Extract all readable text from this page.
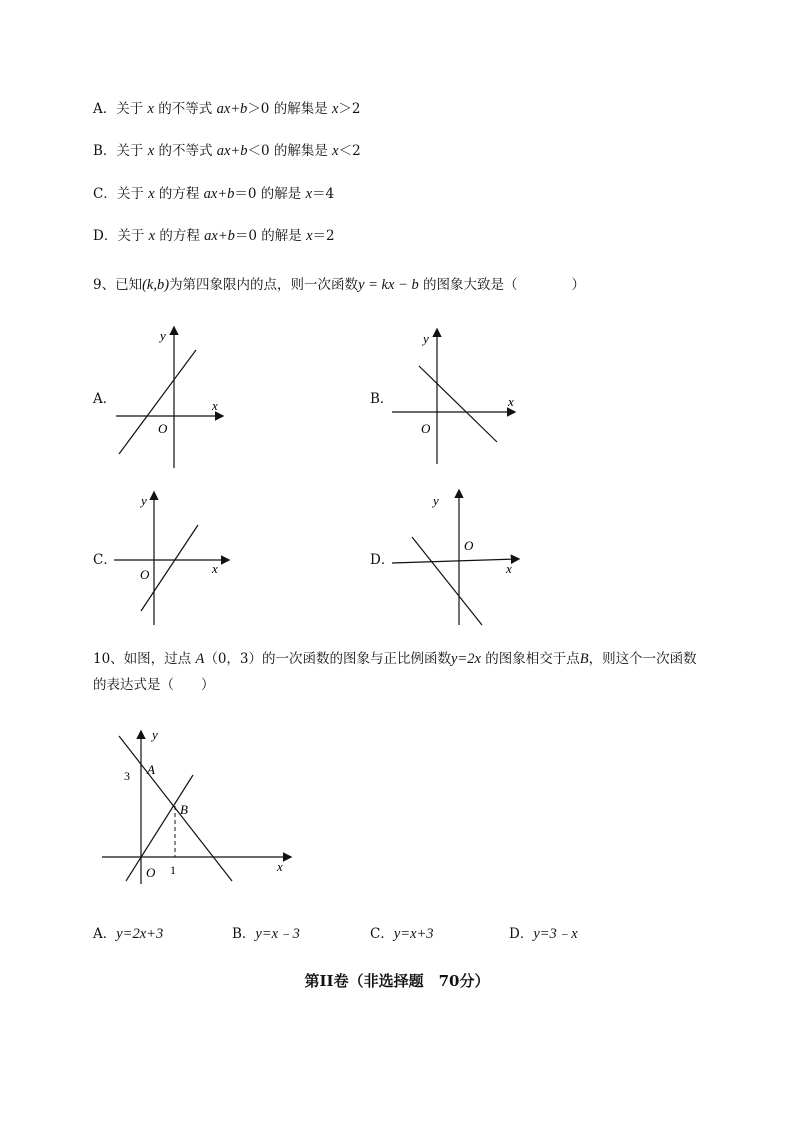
A．关于 x 的不等式 ax+b＞0 的解集是 x＞2
B．关于 x 的不等式 ax+b＜0 的解集是 x＜2
C．关于 x 的方程 ax+b＝0 的解是 x＝4
D．关于 x 的方程 ax+b＝0 的解是 x＝2
9、已知(k,b)为第四象限内的点，则一次函数y = kx − b 的图象大致是（　　　　）
A．
y
x
O
B．
y
x
O
C．
y
x
O
D．
y
x
O
10、如图，过点 A（0，3）的一次函数的图象与正比例函数y=2x 的图象相交于点B，则这个一次函数
的表达式是（　　）
y
x
3 A
B
1
O
A．y=2x+3	B．y=x﹣3	C．y=x+3	D．y=3﹣x
第II卷（非选择题　70分）
